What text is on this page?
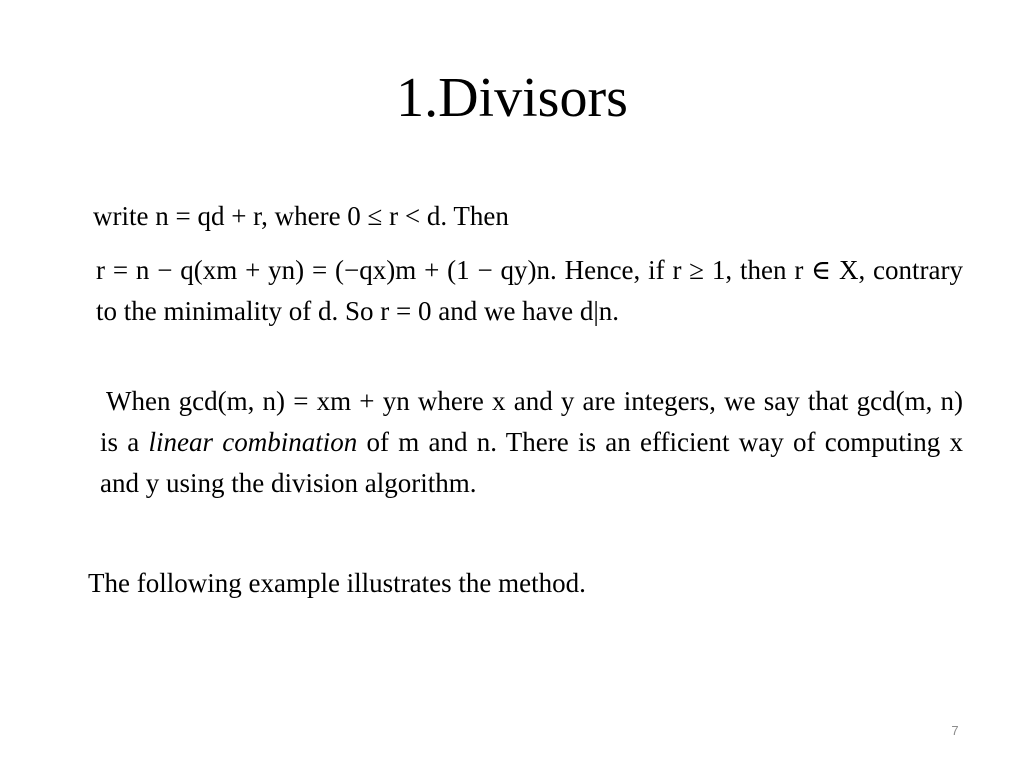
1.Divisors

write n = qd + r, where 0 ≤ r < d. Then

r = n − q(xm + yn) = (−qx)m + (1 − qy)n. Hence, if r ≥ 1, then r ∈ X, contrary to the minimality of d. So r = 0 and we have d|n.

When gcd(m, n) = xm + yn where x and y are integers, we say that gcd(m, n) is a linear combination of m and n. There is an efficient way of computing x and y using the division algorithm.

The following example illustrates the method.

7
